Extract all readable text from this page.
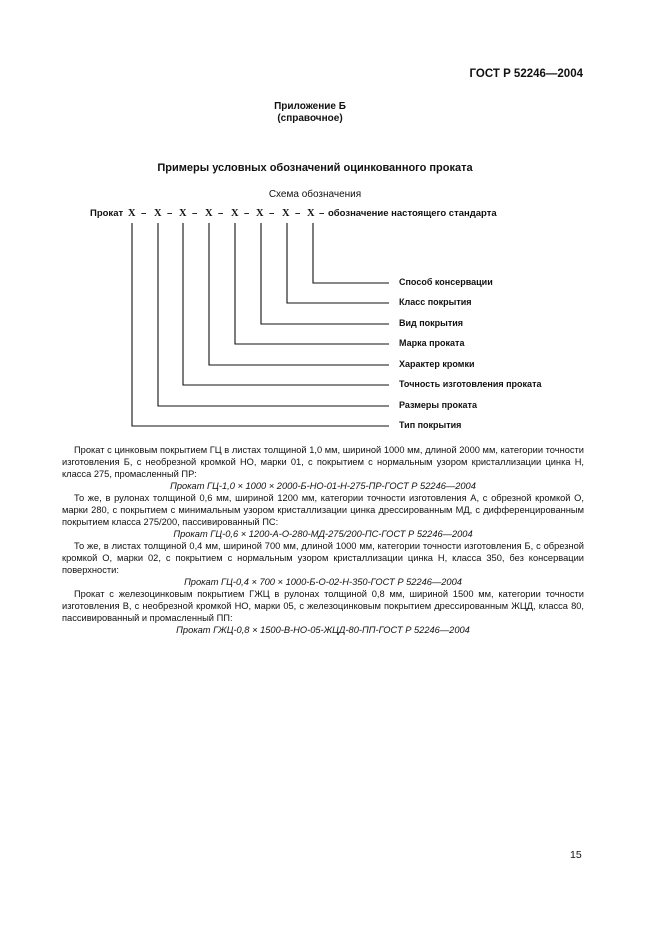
ГОСТ Р 52246—2004
Приложение Б
(справочное)
Примеры условных обозначений оцинкованного проката
Схема обозначения
Прокат Х – Х – Х – Х – Х – Х – Х – Х – обозначение настоящего стандарта
Способ консервации
Класс покрытия
Вид покрытия
Марка проката
Характер кромки
Точность изготовления проката
Размеры проката
Тип покрытия

Прокат с цинковым покрытием ГЦ в листах толщиной 1,0 мм, шириной 1000 мм, длиной 2000 мм, категории точности изготовления Б, с необрезной кромкой НО, марки 01, с покрытием с нормальным узором кристаллизации цинка Н, класса 275, промасленный ПР:

Прокат ГЦ-1,0 × 1000 × 2000-Б-НО-01-Н-275-ПР-ГОСТ Р 52246—2004

То же, в рулонах толщиной 0,6 мм, шириной 1200 мм, категории точности изготовления А, с обрезной кромкой О, марки 280, с покрытием с минимальным узором кристаллизации цинка дрессированным МД, с дифференцированным покрытием класса 275/200, пассивированный ПС:

Прокат ГЦ-0,6 × 1200-А-О-280-МД-275/200-ПС-ГОСТ Р 52246—2004

То же, в листах толщиной 0,4 мм, шириной 700 мм, длиной 1000 мм, категории точности изготовления Б, с обрезной кромкой О, марки 02, с покрытием с нормальным узором кристаллизации цинка Н, класса 350, без консервации поверхности:

Прокат ГЦ-0,4 × 700 × 1000-Б-О-02-Н-350-ГОСТ Р 52246—2004

Прокат с железоцинковым покрытием ГЖЦ в рулонах толщиной 0,8 мм, шириной 1500 мм, категории точности изготовления В, с необрезной кромкой НО, марки 05, с железоцинковым покрытием дрессированным ЖЦД, класса 80, пассивированный и промасленный ПП:

Прокат ГЖЦ-0,8 × 1500-В-НО-05-ЖЦД-80-ПП-ГОСТ Р 52246—2004

15
